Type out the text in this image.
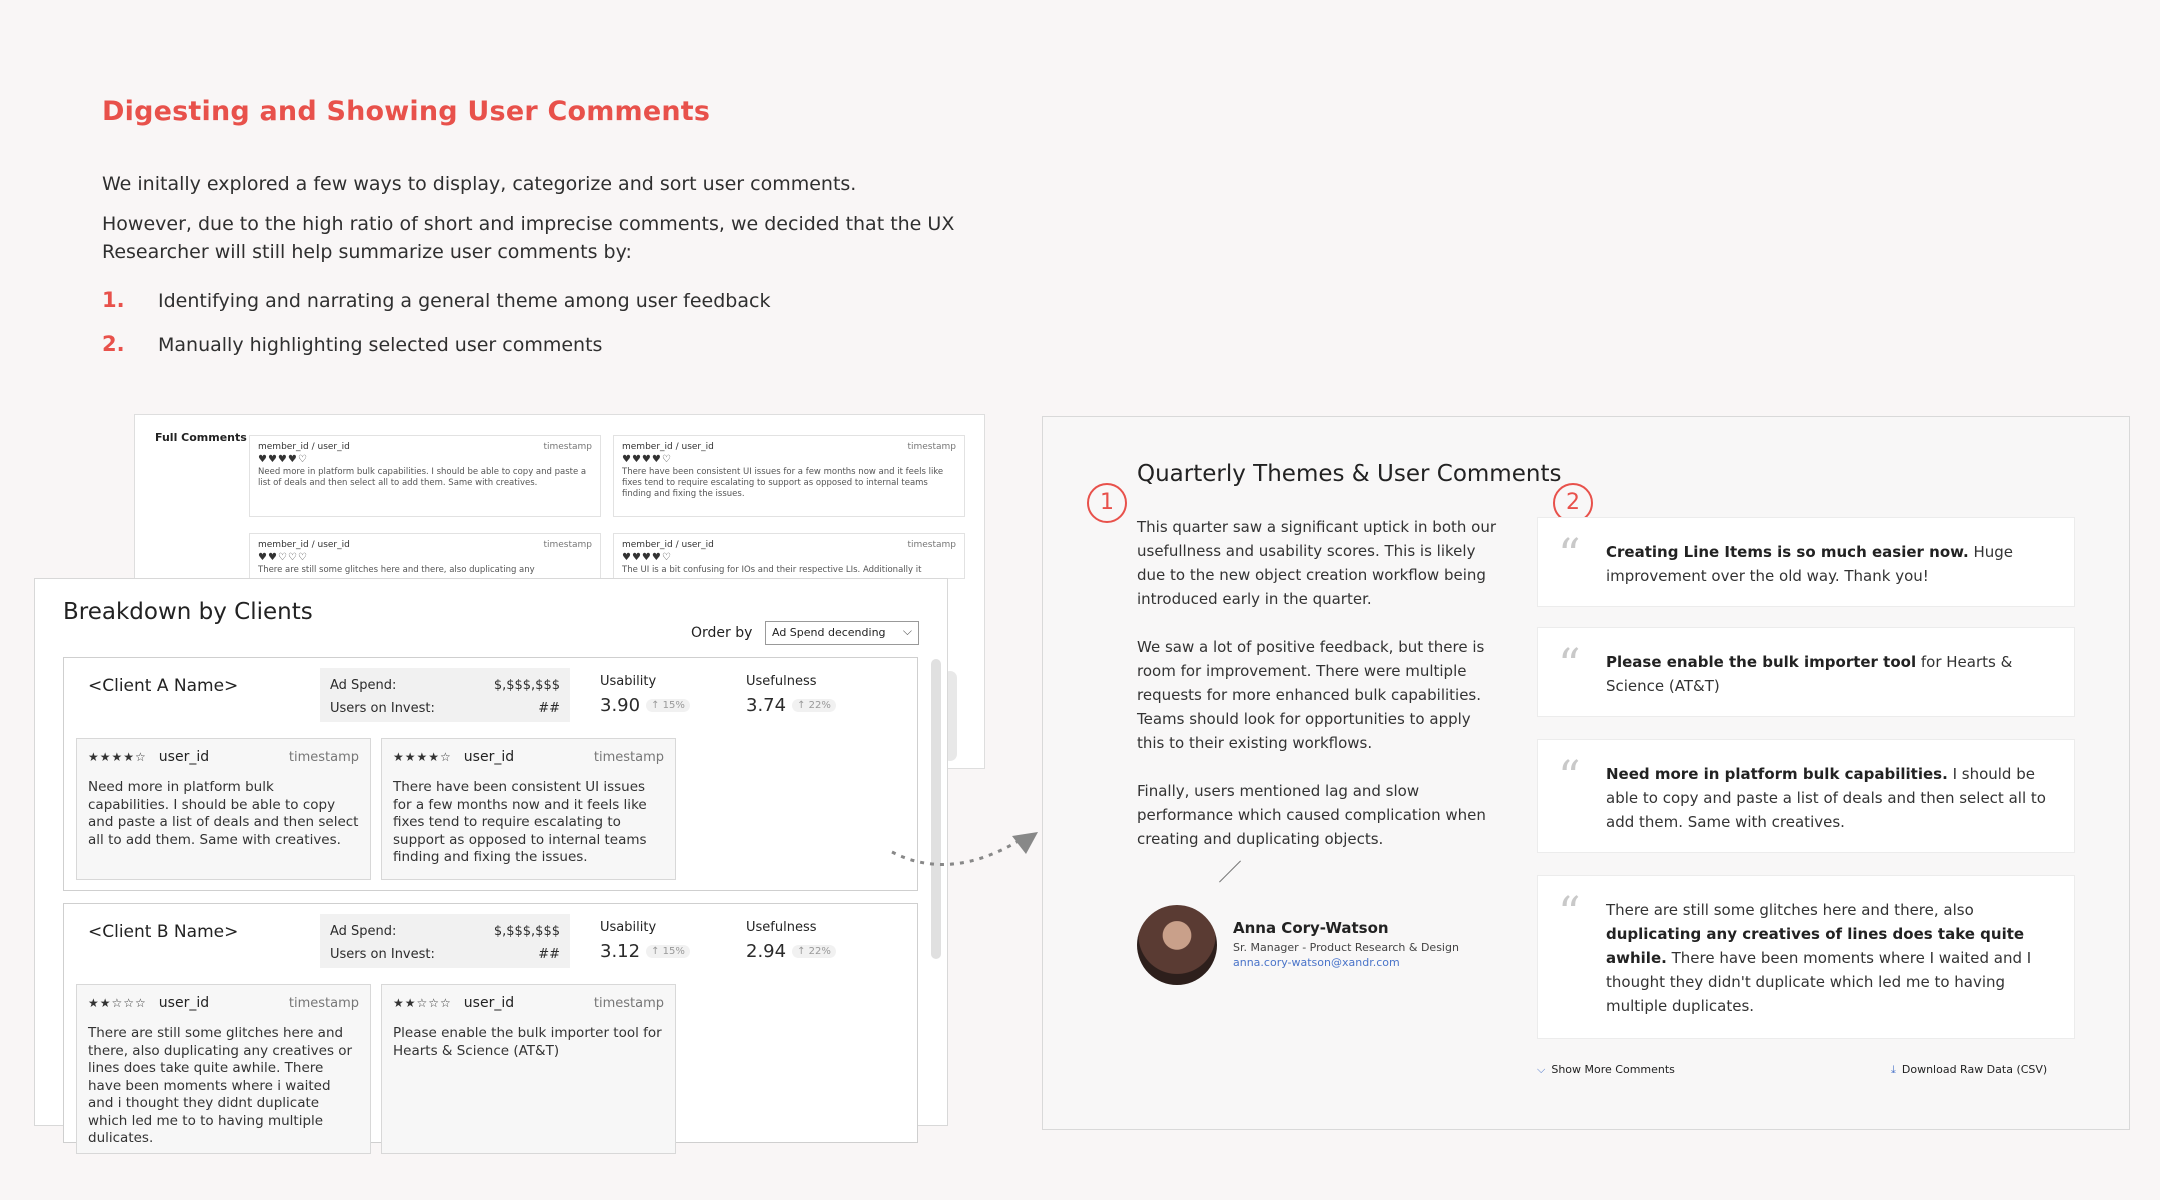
Digesting and Showing User Comments
We initally explored a few ways to display, categorize and sort user comments.
However, due to the high ratio of short and imprecise comments, we decided that the UX Researcher will still help summarize user comments by:
1. Identifying and narrating a general theme among user feedback
2. Manually highlighting selected user comments
Full Comments
member_id / user_id	timestamp
♥♥♥♥♡
Need more in platform bulk capabilities. I should be able to copy and paste a list of deals and then select all to add them. Same with creatives.
member_id / user_id	timestamp
♥♥♥♥♡
There have been consistent UI issues for a few months now and it feels like fixes tend to require escalating to support as opposed to internal teams finding and fixing the issues.
member_id / user_id	timestamp
♥♥♡♡♡
There are still some glitches here and there, also duplicating any
member_id / user_id	timestamp
♥♥♥♥♡
The UI is a bit confusing for IOs and their respective LIs. Additionally it
Breakdown by Clients
Order by	Ad Spend decending ⌵
<Client A Name>	Ad Spend:	$,$$$,$$$
Users on Invest:	##
Usability
3.90 $^{↑ 15\%}$
Usefulness
3.74 $^{↑ 22\%}$
★★★★☆ user_id	timestamp
Need more in platform bulk capabilities. I should be able to copy and paste a list of deals and then select all to add them. Same with creatives.
★★★★☆ user_id	timestamp
There have been consistent UI issues for a few months now and it feels like fixes tend to require escalating to support as opposed to internal teams finding and fixing the issues.
<Client B Name>	Ad Spend:	$,$$$,$$$
Users on Invest:	##
Usability
3.12 $^{↑ 15\%}$
Usefulness
2.94 $^{↑ 22\%}$
★★☆☆☆ user_id	timestamp
There are still some glitches here and there, also duplicating any creatives or lines does take quite awhile. There have been moments where i waited and i thought they didnt duplicate which led me to to having multiple dulicates.
★★☆☆☆ user_id	timestamp
Please enable the bulk importer tool for Hearts & Science (AT&T)
Quarterly Themes & User Comments
1	2
This quarter saw a significant uptick in both our usefullness and usability scores. This is likely due to the new object creation workflow being introduced early in the quarter.
We saw a lot of positive feedback, but there is room for improvement. There were multiple requests for more enhanced bulk capabilities. Teams should look for opportunities to apply this to their existing workflows.
Finally, users mentioned lag and slow performance which caused complication when creating and duplicating objects.
Anna Cory-Watson
Sr. Manager - Product Research & Design
anna.cory-watson@xandr.com
“ Creating Line Items is so much easier now. Huge improvement over the old way. Thank you!
“ Please enable the bulk importer tool for Hearts & Science (AT&T)
“ Need more in platform bulk capabilities. I should be able to copy and paste a list of deals and then select all to add them. Same with creatives.
“ There are still some glitches here and there, also duplicating any creatives of lines does take quite awhile. There have been moments where I waited and I thought they didn't duplicate which led me to having multiple duplicates.
⌵ Show More Comments	⤓ Download Raw Data (CSV)
